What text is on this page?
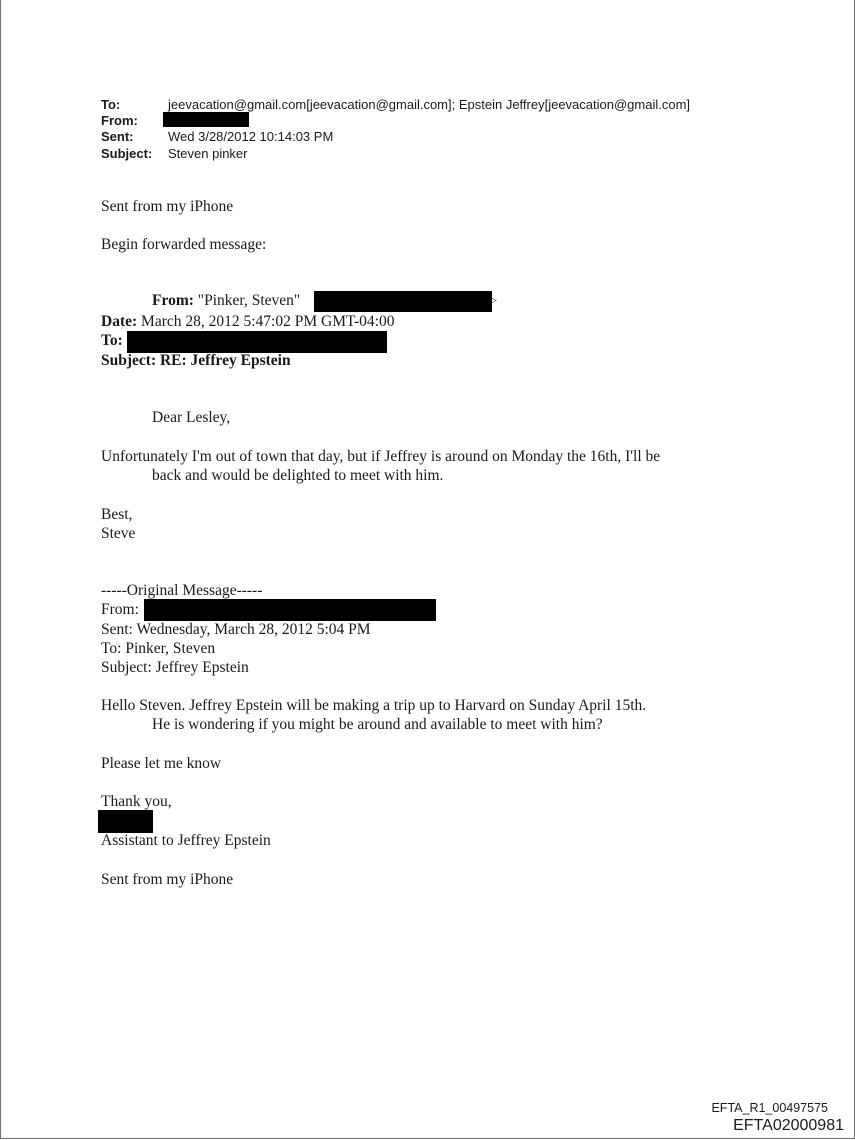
To:	jeevacation@gmail.com[jeevacation@gmail.com]; Epstein Jeffrey[jeevacation@gmail.com]
From:
Sent:	Wed 3/28/2012 10:14:03 PM
Subject: Steven pinker
Sent from my iPhone
Begin forwarded message:
From: "Pinker, Steven"	>
Date: March 28, 2012 5:47:02 PM GMT-04:00
To:
Subject: RE: Jeffrey Epstein
Dear Lesley,
Unfortunately I'm out of town that day, but if Jeffrey is around on Monday the 16th, I'll be
back and would be delighted to meet with him.
Best,
Steve
-----Original Message-----
From:
Sent: Wednesday, March 28, 2012 5:04 PM
To: Pinker, Steven
Subject: Jeffrey Epstein
Hello Steven. Jeffrey Epstein will be making a trip up to Harvard on Sunday April 15th.
He is wondering if you might be around and available to meet with him?
Please let me know
Thank you,
Assistant to Jeffrey Epstein
Sent from my iPhone
EFTA_R1_00497575
EFTA02000981
